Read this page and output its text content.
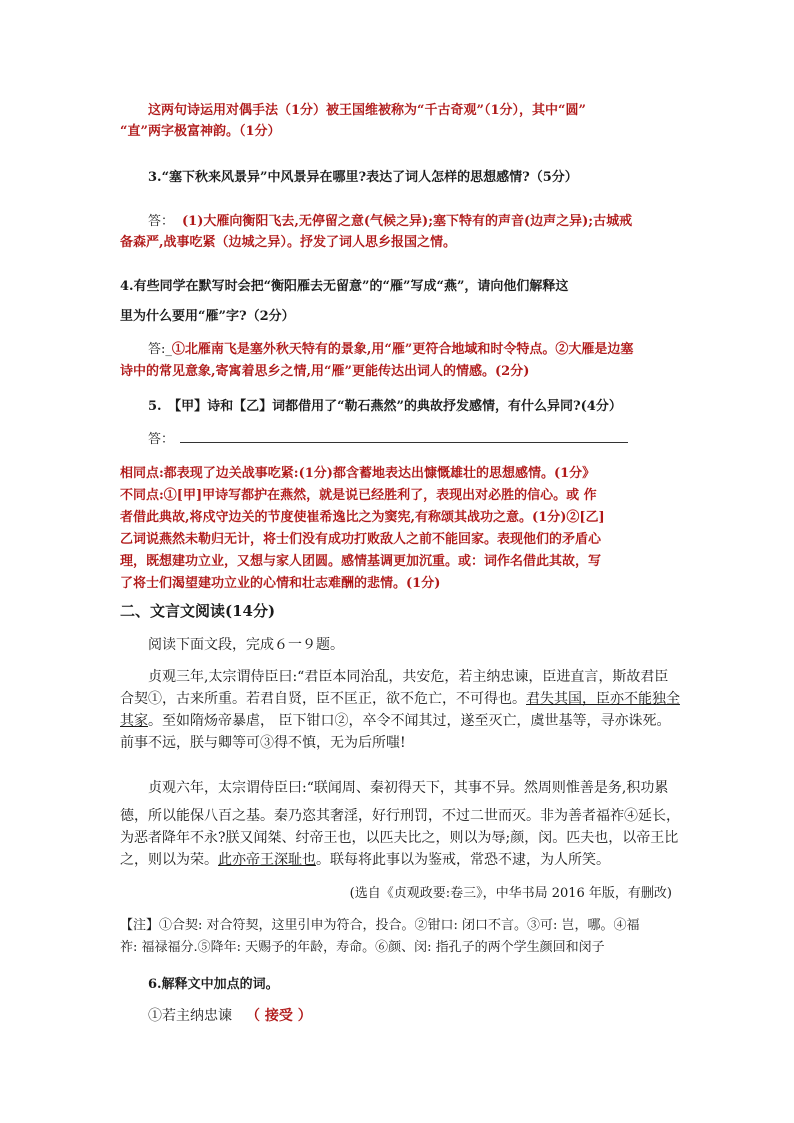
这两句诗运用对偶手法（1分）被王国维被称为“千古奇观”（1分），其中“圆”
“直”两字极富神韵。（1分）
3.“塞下秋来风景异”中风景异在哪里?表达了词人怎样的思想感情?（5分）
答： (1)大雁向衡阳飞去,无停留之意(气候之异);塞下特有的声音(边声之异);古城戒
备森严,战事吃紧（边城之异）。抒发了词人思乡报国之情。
4.有些同学在默写时会把“衡阳雁去无留意”的“雁”写成“燕”，请向他们解释这
里为什么要用“雁”字?（2分）
答:_①北雁南飞是塞外秋天特有的景象,用“雁”更符合地域和时令特点。②大雁是边塞
诗中的常见意象,寄寓着思乡之情,用“雁”更能传达出词人的情感。(2分)
5.　【甲】诗和【乙】词都借用了“勒石燕然”的典故抒发感情，有什么异同?(4分）
答：
相同点:都表现了边关战事吃紧:(1分)都含蓄地表达出慷慨雄壮的思想感情。(1分》
不同点:①[甲]甲诗写都护在燕然，就是说已经胜利了，表现出对必胜的信心。或 作
者借此典故,将戍守边关的节度使崔希逸比之为窦宪,有称颂其战功之意。(1分)②[乙]
乙词说燕然未勒归无计，将士们没有成功打败敌人之前不能回家。表现他们的矛盾心
理，既想建功立业，又想与家人团圆。感情基调更加沉重。或：词作名借此其故，写
了将士们渴望建功立业的心情和壮志难酬的悲情。(1分)
二、文言文阅读(14分)
阅读下面文段，完成６一９题。
贞观三年,太宗谓侍臣曰:“君臣本同治乱，共安危，若主纳忠谏，臣进直言，斯故君臣
合契①，古来所重。若君自贤，臣不匡正，欲不危亡，不可得也。君失其国，臣亦不能独全
其家。至如隋炀帝暴虐， 臣下钳口②，卒令不闻其过，遂至灭亡，虞世基等，寻亦诛死。
前事不远，朕与卿等可③得不慎，无为后所嗤!
贞观六年，太宗谓侍臣曰:“联闻周、秦初得天下，其事不异。然周则惟善是务,积功累
德，所以能保八百之基。秦乃恣其奢淫，好行刑罚，不过二世而灭。非为善者福祚④延长，
为恶者降年不永?朕又闻桀、纣帝王也，以匹夫比之，则以为辱;颜，闵。匹夫也，以帝王比
之，则以为荣。此亦帝王深耻也。联每将此事以为鉴戒，常恐不逮，为人所笑。
(选自《贞观政要:卷三》，中华书局 2016 年版，有删改)
【注】①合契: 对合符契，这里引申为符合，投合。②钳口: 闭口不言。③可: 岂，哪。④福
祚: 福禄福分.⑤降年: 天赐予的年龄，寿命。⑥颜、闵: 指孔子的两个学生颜回和闵子
6.解释文中加点的词。
①若主纳忠谏 （ 接受 ）
